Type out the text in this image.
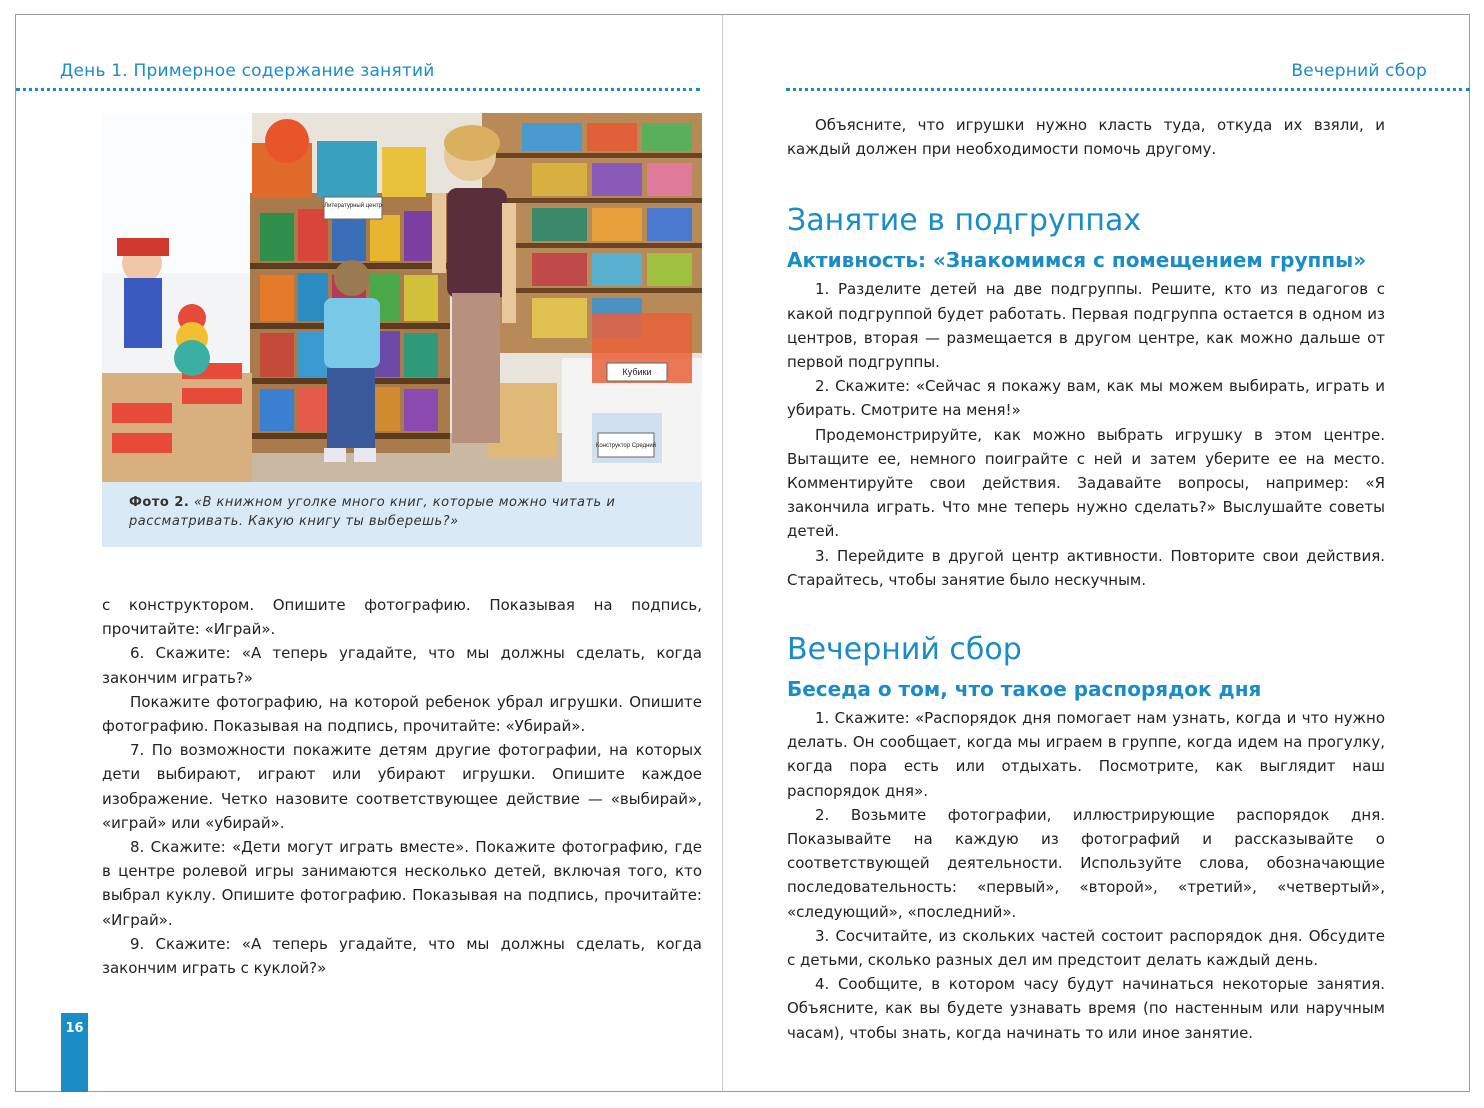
День 1. Примерное содержание занятий
Литературный центр
Кубики
Конструктор Средний
Фото 2. «В книжном уголке много книг, которые можно читать и рассматривать. Какую книгу ты выберешь?»

с конструктором. Опишите фотографию. Показывая на подпись, прочитайте: «Играй».

6. Скажите: «А теперь угадайте, что мы должны сделать, когда закончим играть?»

Покажите фотографию, на которой ребенок убрал игрушки. Опишите фотографию. Показывая на подпись, прочитайте: «Убирай».

7. По возможности покажите детям другие фотографии, на которых дети выбирают, играют или убирают игрушки. Опишите каждое изображение. Четко назовите соответствующее действие — «выбирай», «играй» или «убирай».

8. Скажите: «Дети могут играть вместе». Покажите фотографию, где в центре ролевой игры занимаются несколько детей, включая того, кто выбрал куклу. Опишите фотографию. Показывая на подпись, прочитайте: «Играй».

9. Скажите: «А теперь угадайте, что мы должны сделать, когда закончим играть с куклой?»

16
Вечерний сбор

Объясните, что игрушки нужно класть туда, откуда их взяли, и каждый должен при необходимости помочь другому.

Занятие в подгруппах
Активность: «Знакомимся с помещением группы»

1. Разделите детей на две подгруппы. Решите, кто из педагогов с какой подгруппой будет работать. Первая подгруппа остается в одном из центров, вторая — размещается в другом центре, как можно дальше от первой подгруппы.

2. Скажите: «Сейчас я покажу вам, как мы можем выбирать, играть и убирать. Смотрите на меня!»

Продемонстрируйте, как можно выбрать игрушку в этом центре. Вытащите ее, немного поиграйте с ней и затем уберите ее на место. Комментируйте свои действия. Задавайте вопросы, например: «Я закончила играть. Что мне теперь нужно сделать?» Выслушайте советы детей.

3. Перейдите в другой центр активности. Повторите свои действия. Старайтесь, чтобы занятие было нескучным.

Вечерний сбор
Беседа о том, что такое распорядок дня

1. Скажите: «Распорядок дня помогает нам узнать, когда и что нужно делать. Он сообщает, когда мы играем в группе, когда идем на прогулку, когда пора есть или отдыхать. Посмотрите, как выглядит наш распорядок дня».

2. Возьмите фотографии, иллюстрирующие распорядок дня. Показывайте на каждую из фотографий и рассказывайте о соответствующей деятельности. Используйте слова, обозначающие последовательность: «первый», «второй», «третий», «четвертый», «следующий», «последний».

3. Сосчитайте, из скольких частей состоит распорядок дня. Обсудите с детьми, сколько разных дел им предстоит делать каждый день.

4. Сообщите, в котором часу будут начинаться некоторые занятия. Объясните, как вы будете узнавать время (по настенным или наручным часам), чтобы знать, когда начинать то или иное занятие.
